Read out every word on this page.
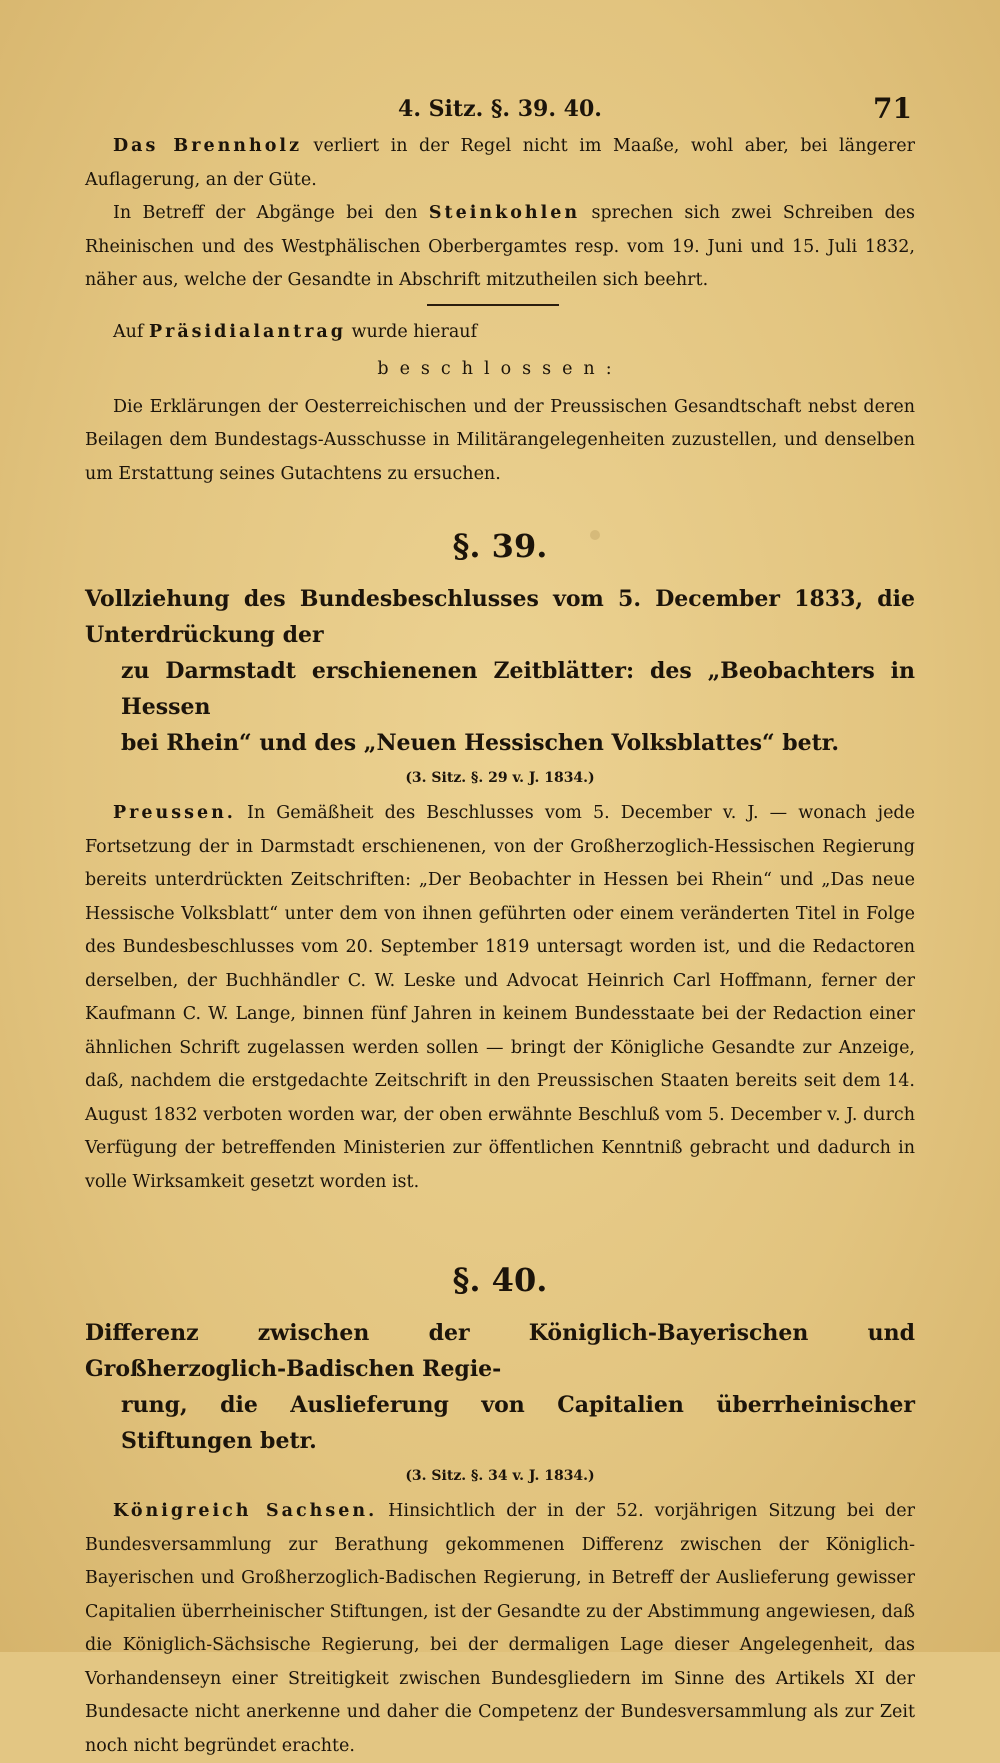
4. Sitz. §. 39. 40.	71

Das Brennholz verliert in der Regel nicht im Maaße, wohl aber, bei längerer Auflagerung, an der Güte.

In Betreff der Abgänge bei den Steinkohlen sprechen sich zwei Schreiben des Rheinischen und des Westphälischen Oberbergamtes resp. vom 19. Juni und 15. Juli 1832, näher aus, welche der Gesandte in Abschrift mitzutheilen sich beehrt.

Auf Präsidialantrag wurde hierauf

beschlossen:

Die Erklärungen der Oesterreichischen und der Preussischen Gesandtschaft nebst deren Beilagen dem Bundestags-Ausschusse in Militärangelegenheiten zuzustellen, und denselben um Erstattung seines Gutachtens zu ersuchen.

§. 39.
Vollziehung des Bundesbeschlusses vom 5. December 1833, die Unterdrückung der
zu Darmstadt erschienenen Zeitblätter: des „Beobachters in Hessen
bei Rhein“ und des „Neuen Hessischen Volksblattes“ betr.
(3. Sitz. §. 29 v. J. 1834.)

Preussen. In Gemäßheit des Beschlusses vom 5. December v. J. — wonach jede Fortsetzung der in Darmstadt erschienenen, von der Großherzoglich-Hessischen Regierung bereits unterdrückten Zeitschriften: „Der Beobachter in Hessen bei Rhein“ und „Das neue Hessische Volksblatt“ unter dem von ihnen geführten oder einem veränderten Titel in Folge des Bundesbeschlusses vom 20. September 1819 untersagt worden ist, und die Redactoren derselben, der Buchhändler C. W. Leske und Advocat Heinrich Carl Hoffmann, ferner der Kaufmann C. W. Lange, binnen fünf Jahren in keinem Bundesstaate bei der Redaction einer ähnlichen Schrift zugelassen werden sollen — bringt der Königliche Gesandte zur Anzeige, daß, nachdem die erstgedachte Zeitschrift in den Preussischen Staaten bereits seit dem 14. August 1832 verboten worden war, der oben erwähnte Beschluß vom 5. December v. J. durch Verfügung der betreffenden Ministerien zur öffentlichen Kenntniß gebracht und dadurch in volle Wirksamkeit gesetzt worden ist.

§. 40.
Differenz zwischen der Königlich-Bayerischen und Großherzoglich-Badischen Regie-
rung, die Auslieferung von Capitalien überrheinischer Stiftungen betr.
(3. Sitz. §. 34 v. J. 1834.)

Königreich Sachsen. Hinsichtlich der in der 52. vorjährigen Sitzung bei der Bundesversammlung zur Berathung gekommenen Differenz zwischen der Königlich-Bayerischen und Großherzoglich-Badischen Regierung, in Betreff der Auslieferung gewisser Capitalien überrheinischer Stiftungen, ist der Gesandte zu der Abstimmung angewiesen, daß die Königlich-Sächsische Regierung, bei der dermaligen Lage dieser Angelegenheit, das Vorhandenseyn einer Streitigkeit zwischen Bundesgliedern im Sinne des Artikels XI der Bundesacte nicht anerkenne und daher die Competenz der Bundesversammlung als zur Zeit noch nicht begründet erachte.
